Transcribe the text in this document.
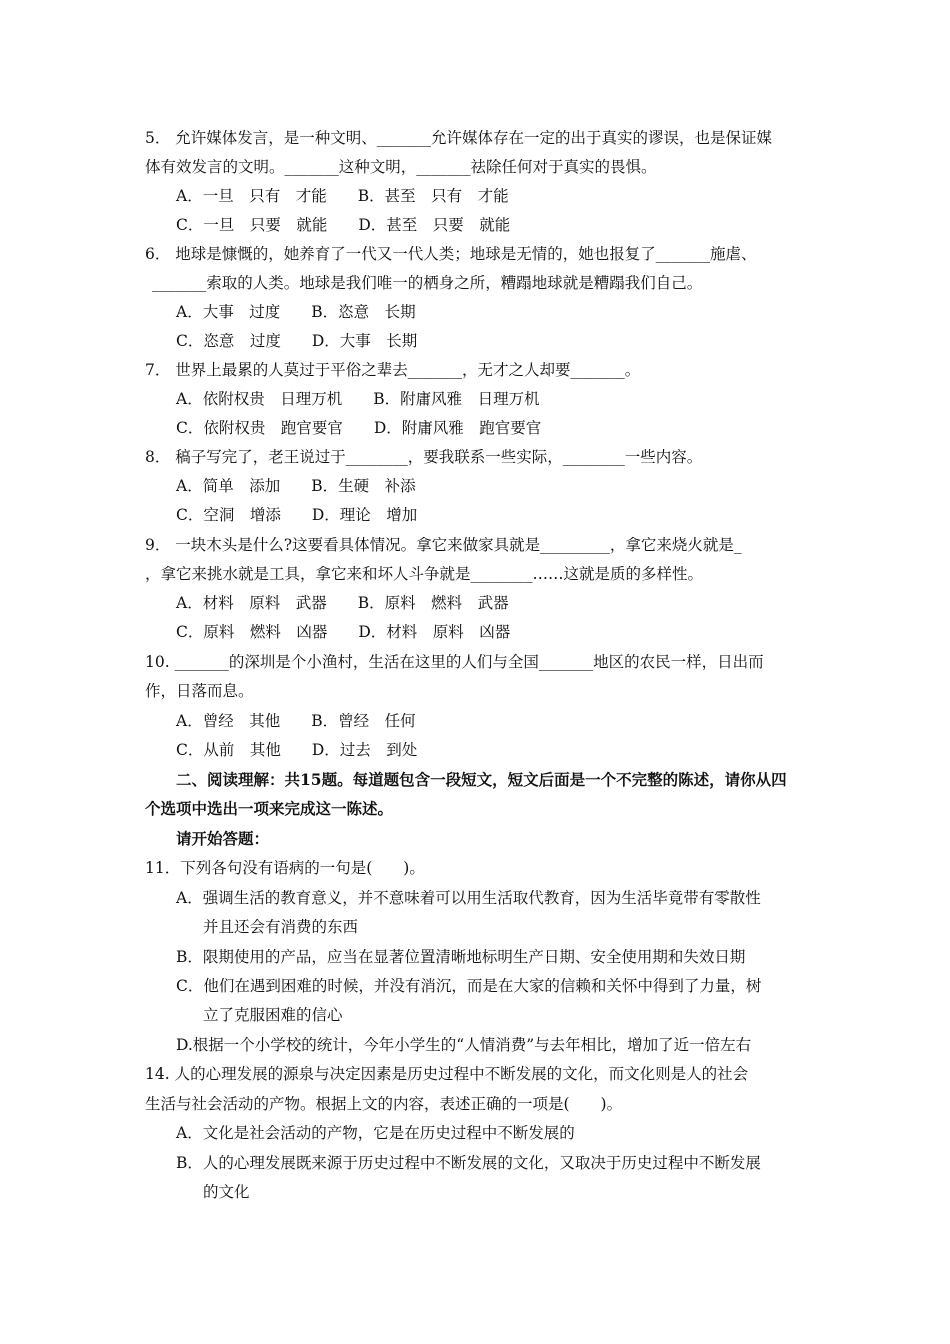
5． 允许媒体发言，是一种文明、_______允许媒体存在一定的出于真实的谬误，也是保证媒
体有效发言的文明。_______这种文明，_______祛除任何对于真实的畏惧。
A．一旦　只有　才能　　B．甚至　只有　才能
C．一旦　只要　就能　　D．甚至　只要　就能
6． 地球是慷慨的，她养育了一代又一代人类；地球是无情的，她也报复了_______施虐、
_______索取的人类。地球是我们唯一的栖身之所，糟蹋地球就是糟蹋我们自己。
A．大事　过度　　B．恣意　长期
C．恣意　过度　　D．大事　长期
7． 世界上最累的人莫过于平俗之辈去_______，无才之人却要_______。
A．依附权贵　日理万机　　B．附庸风雅　日理万机
C．依附权贵　跑官要官　　D．附庸风雅　跑官要官
8． 稿子写完了，老王说过于________，要我联系一些实际，________一些内容。
A．简单　添加　　B．生硬　补添
C．空洞　增添　　D．理论　增加
9． 一块木头是什么?这要看具体情况。拿它来做家具就是_________，拿它来烧火就是_
，拿它来挑水就是工具，拿它来和坏人斗争就是________……这就是质的多样性。
A．材料　原料　武器　　B．原料　燃料　武器
C．原料　燃料　凶器　　D．材料　原料　凶器
10. _______的深圳是个小渔村，生活在这里的人们与全国_______地区的农民一样，日出而
作，日落而息。
A．曾经　其他　　B．曾经　任何
C．从前　其他　　D．过去　到处
二、阅读理解：共15题。每道题包含一段短文，短文后面是一个不完整的陈述，请你从四
个选项中选出一项来完成这一陈述。
请开始答题：
11．下列各句没有语病的一句是(　　)。
A．强调生活的教育意义，并不意味着可以用生活取代教育，因为生活毕竟带有零散性
并且还会有消费的东西
B．限期使用的产品，应当在显著位置清晰地标明生产日期、安全使用期和失效日期
C．他们在遇到困难的时候，并没有消沉，而是在大家的信赖和关怀中得到了力量，树
立了克服困难的信心
D.根据一个小学校的统计，今年小学生的“人情消费”与去年相比，增加了近一倍左右
14. 人的心理发展的源泉与决定因素是历史过程中不断发展的文化，而文化则是人的社会
生活与社会活动的产物。根据上文的内容，表述正确的一项是(　　)。
A．文化是社会活动的产物，它是在历史过程中不断发展的
B．人的心理发展既来源于历史过程中不断发展的文化，又取决于历史过程中不断发展
的文化
